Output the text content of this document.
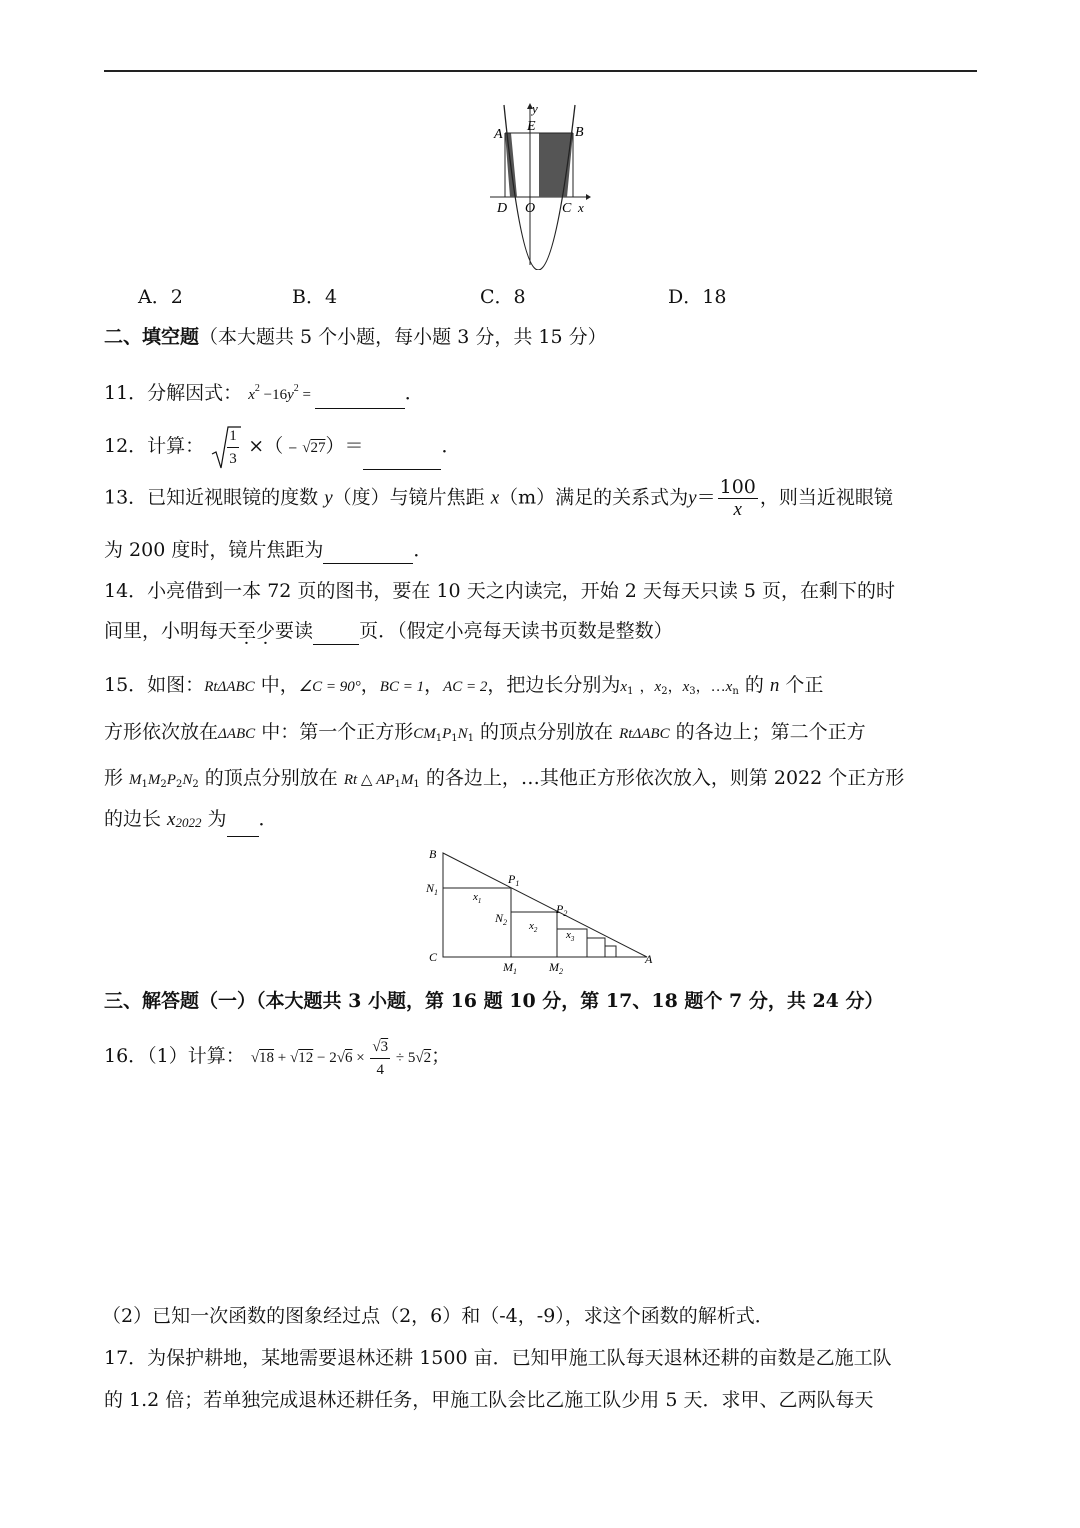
y
E
A	B
D O C x
A．2	B．4	C．8	D．18
二、填空题（本大题共 5 个小题，每小题 3 分，共 15 分）
11．分解因式： $x^2 -16y^2$ =	．
12．计算： $\frac{1}{3}$ ×（﹣√27）＝	．
13．已知近视眼镜的度数 y（度）与镜片焦距 x（m）满足的关系式为$y= \frac{100}{x}$ ，则当近视眼镜
为 200 度时，镜片焦距为	．
14．小亮借到一本 72 页的图书，要在 10 天之内读完，开始 2 天每天只读 5 页，在剩下的时
间里，小明每天至少要读 页．（假定小亮每天读书页数是整数）
15．如图：RtΔABC 中，∠C = 90°，BC = 1，AC = 2，把边长分别为$x_1$ ，$x_2$，$x_3$，$\dots x_n$ 的 n 个正
方形依次放在ΔABC 中：第一个正方形$CM_1P_1N_1$ 的顶点分别放在 RtΔABC 的各边上；第二个正方
形 $M_1M_2P_2N_2$ 的顶点分别放在 Rt △ $AP_1M_1$ 的各边上，…其他正方形依次放入，则第 2022 个正方形
的边长 x2022 为 ．
B
$P_1$
$N_1$	$x_1$
$N_2$ $x_2$
$P_2$
$x_3$
C
$M_1$	$M_2$
A
三、解答题（一）（本大题共 3 小题，第 16 题 10 分，第 17、18 题个 7 分，共 24 分）
16．（1）计算： $√18 + √12 - 2√6 \times \frac{√3}{4} \div 5√2$；
（2）已知一次函数的图象经过点（2，6）和（-4，-9），求这个函数的解析式．
17．为保护耕地，某地需要退林还耕 1500 亩．已知甲施工队每天退林还耕的亩数是乙施工队
的 1.2 倍；若单独完成退林还耕任务，甲施工队会比乙施工队少用 5 天．求甲、乙两队每天
